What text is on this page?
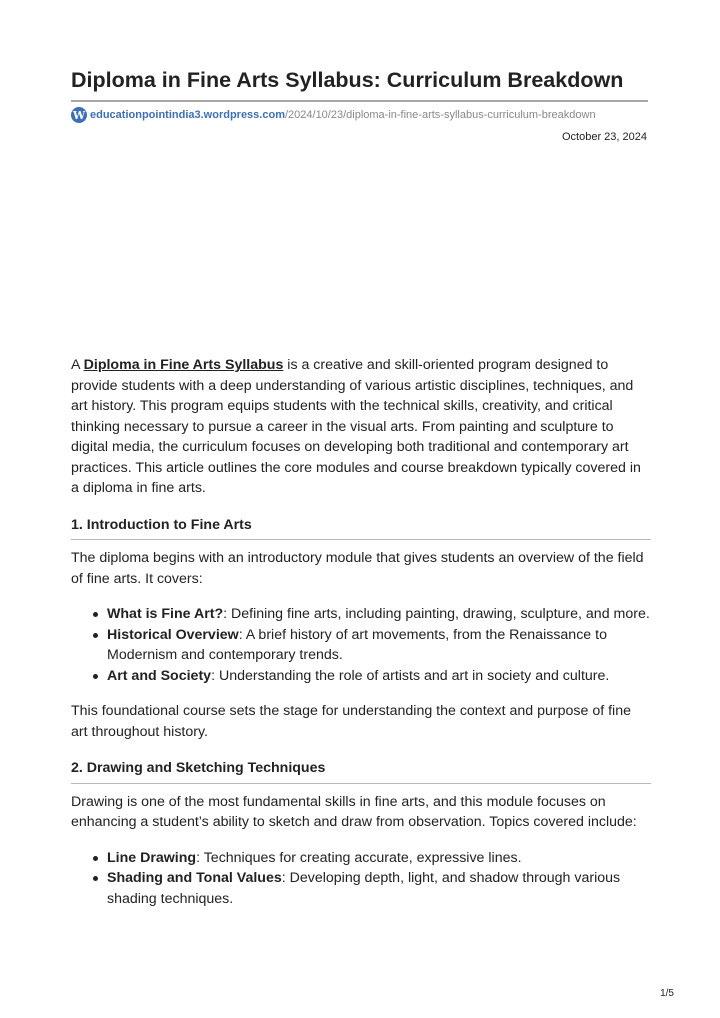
Diploma in Fine Arts Syllabus: Curriculum Breakdown
W educationpointindia3.wordpress.com /2024/10/23/diploma-in-fine-arts-syllabus-curriculum-breakdown
October 23, 2024

A Diploma in Fine Arts Syllabus is a creative and skill-oriented program designed to provide students with a deep understanding of various artistic disciplines, techniques, and art history. This program equips students with the technical skills, creativity, and critical thinking necessary to pursue a career in the visual arts. From painting and sculpture to digital media, the curriculum focuses on developing both traditional and contemporary art practices. This article outlines the core modules and course breakdown typically covered in a diploma in fine arts.

1. Introduction to Fine Arts

The diploma begins with an introductory module that gives students an overview of the field of fine arts. It covers:

What is Fine Art?: Defining fine arts, including painting, drawing, sculpture, and more.
Historical Overview: A brief history of art movements, from the Renaissance to Modernism and contemporary trends.
Art and Society: Understanding the role of artists and art in society and culture.

This foundational course sets the stage for understanding the context and purpose of fine art throughout history.

2. Drawing and Sketching Techniques

Drawing is one of the most fundamental skills in fine arts, and this module focuses on enhancing a student’s ability to sketch and draw from observation. Topics covered include:

Line Drawing: Techniques for creating accurate, expressive lines.
Shading and Tonal Values: Developing depth, light, and shadow through various shading techniques.
1/5
